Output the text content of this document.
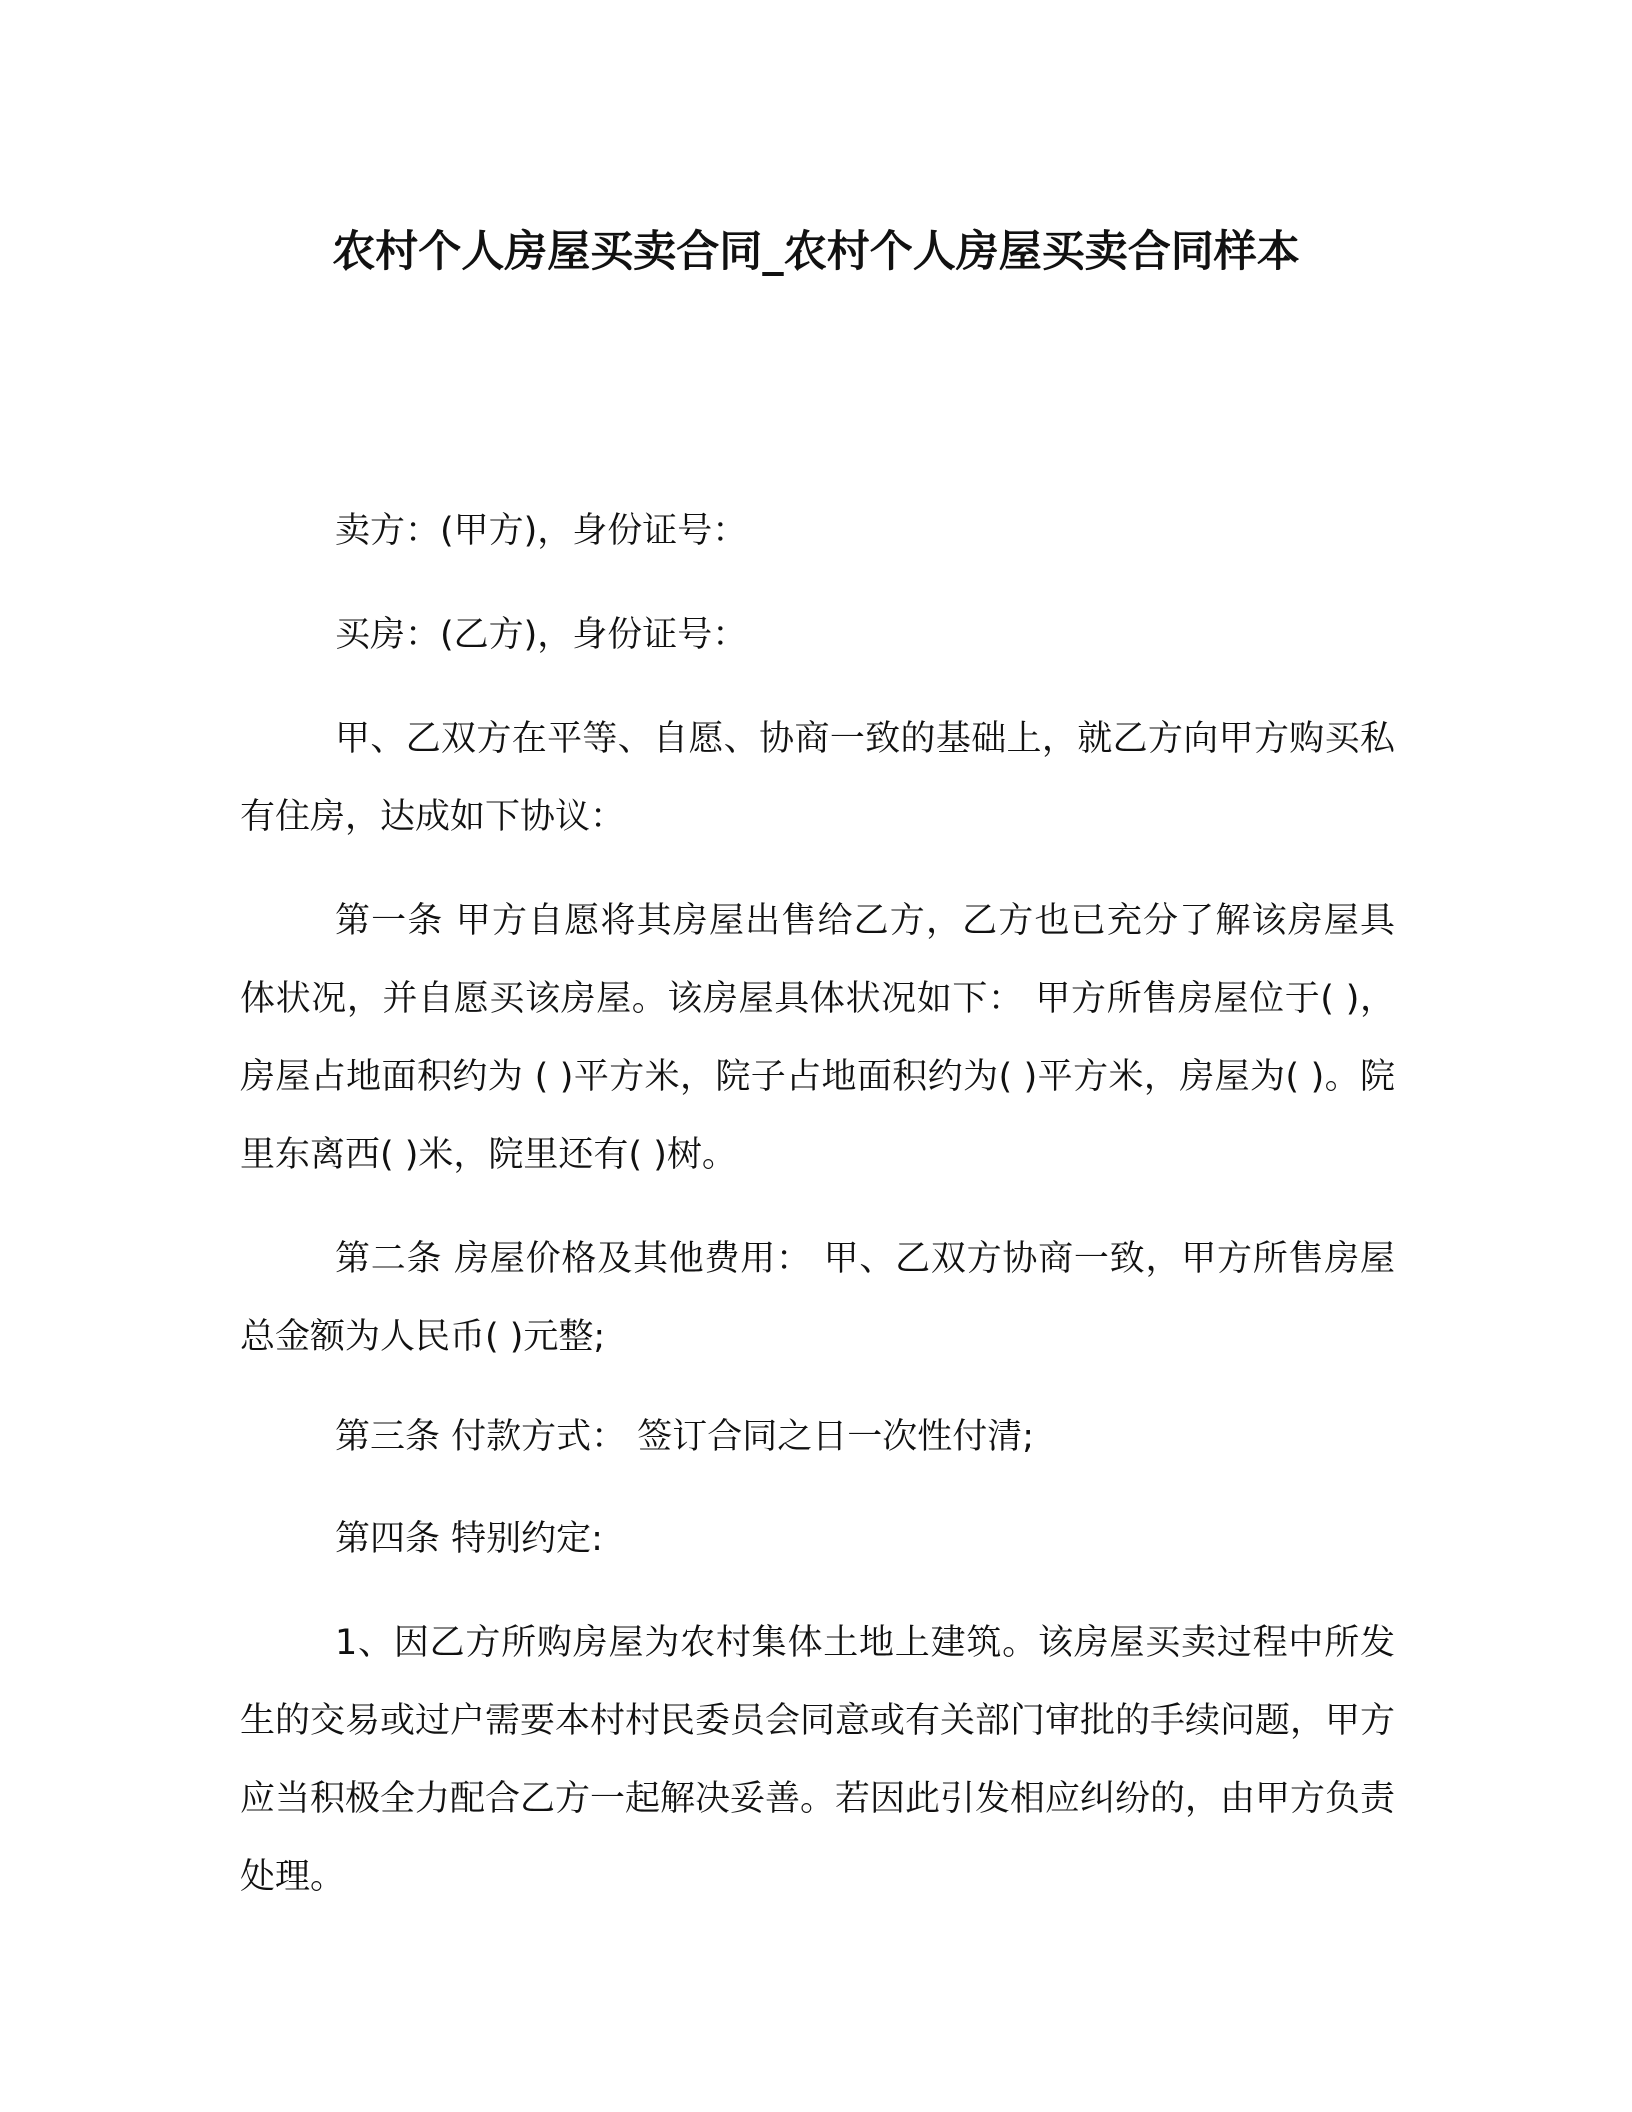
农村个人房屋买卖合同_农村个人房屋买卖合同样本

卖方：(甲方)，身份证号：

买房：(乙方)，身份证号：

甲、乙双方在平等、自愿、协商一致的基础上，就乙方向甲方购买私有住房，达成如下协议：

第一条 甲方自愿将其房屋出售给乙方，乙方也已充分了解该房屋具体状况，并自愿买该房屋。该房屋具体状况如下： 甲方所售房屋位于( )，房屋占地面积约为 ( )平方米，院子占地面积约为( )平方米，房屋为( )。院里东离西( )米，院里还有( )树。

第二条 房屋价格及其他费用： 甲、乙双方协商一致，甲方所售房屋总金额为人民币( )元整;

第三条 付款方式： 签订合同之日一次性付清;

第四条 特别约定:

1、因乙方所购房屋为农村集体土地上建筑。该房屋买卖过程中所发生的交易或过户需要本村村民委员会同意或有关部门审批的手续问题，甲方应当积极全力配合乙方一起解决妥善。若因此引发相应纠纷的，由甲方负责处理。
